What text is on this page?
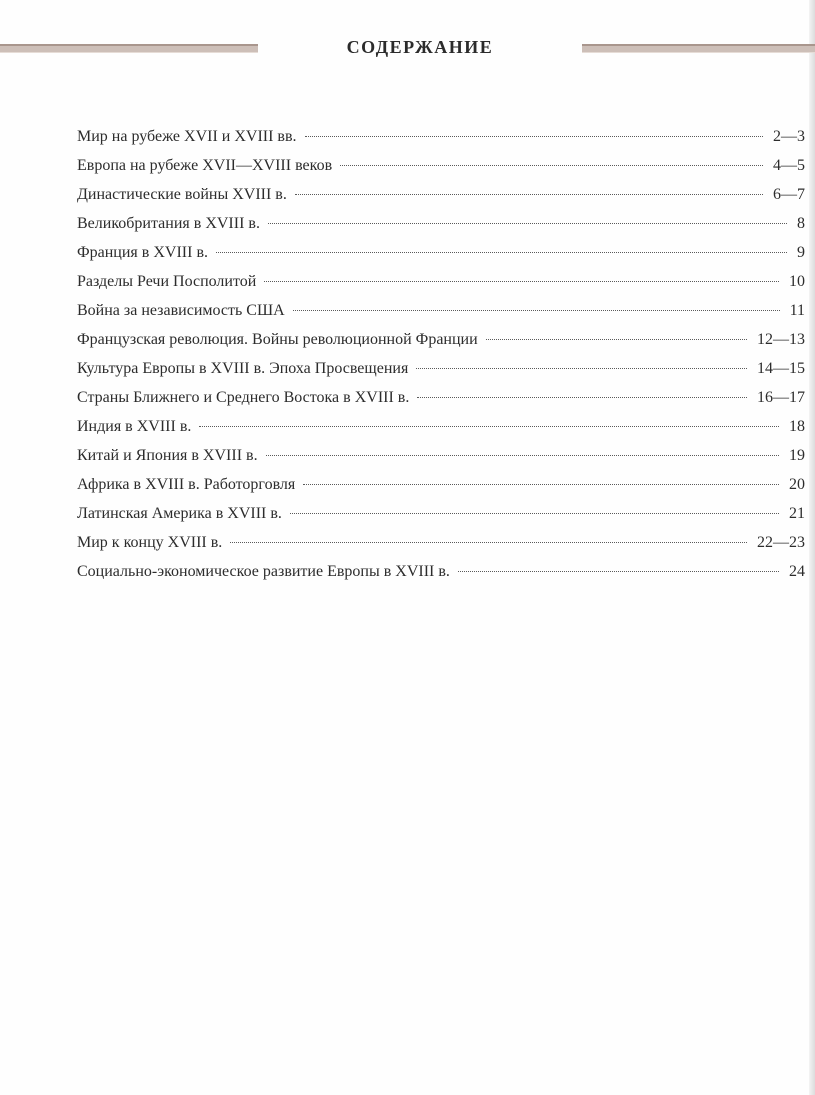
СОДЕРЖАНИЕ
Мир на рубеже XVII и XVIII вв.	2—3
Европа на рубеже XVII—XVIII веков	4—5
Династические войны XVIII в.	6—7
Великобритания в XVIII в.	8
Франция в XVIII в.	9
Разделы Речи Посполитой	10
Война за независимость США	11
Французская революция. Войны революционной Франции	12—13
Культура Европы в XVIII в. Эпоха Просвещения	14—15
Страны Ближнего и Среднего Востока в XVIII в.	16—17
Индия в XVIII в.	18
Китай и Япония в XVIII в.	19
Африка в XVIII в. Работорговля	20
Латинская Америка в XVIII в.	21
Мир к концу XVIII в.	22—23
Социально-экономическое развитие Европы в XVIII в.	24
